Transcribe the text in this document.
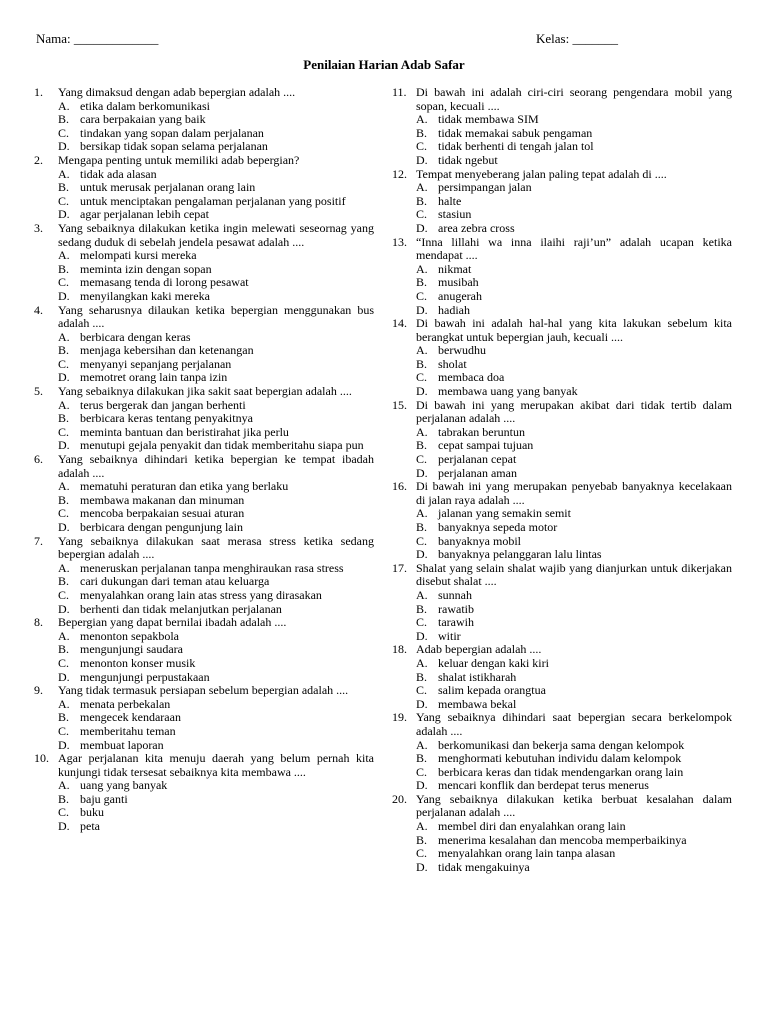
Nama: _____________	Kelas: _______
Penilaian Harian Adab Safar
1.	Yang dimaksud dengan adab bepergian adalah ....
A. etika dalam berkomunikasi
B. cara berpakaian yang baik
C. tindakan yang sopan dalam perjalanan
D. bersikap tidak sopan selama perjalanan
2.	Mengapa penting untuk memiliki adab bepergian?
A. tidak ada alasan
B. untuk merusak perjalanan orang lain
C. untuk menciptakan pengalaman perjalanan yang positif
D. agar perjalanan lebih cepat
3.	Yang sebaiknya dilakukan ketika ingin melewati seseornag yang sedang duduk di sebelah jendela pesawat adalah ....
A. melompati kursi mereka
B. meminta izin dengan sopan
C. memasang tenda di lorong pesawat
D. menyilangkan kaki mereka
4.	Yang seharusnya dilaukan ketika bepergian menggunakan bus adalah ....
A. berbicara dengan keras
B. menjaga kebersihan dan ketenangan
C. menyanyi sepanjang perjalanan
D. memotret orang lain tanpa izin
5.	Yang sebaiknya dilakukan jika sakit saat bepergian adalah ....
A. terus bergerak dan jangan berhenti
B. berbicara keras tentang penyakitnya
C. meminta bantuan dan beristirahat jika perlu
D. menutupi gejala penyakit dan tidak memberitahu siapa pun
6.	Yang sebaiknya dihindari ketika bepergian ke tempat ibadah adalah ....
A. mematuhi peraturan dan etika yang berlaku
B. membawa makanan dan minuman
C. mencoba berpakaian sesuai aturan
D. berbicara dengan pengunjung lain
7.	Yang sebaiknya dilakukan saat merasa stress ketika sedang bepergian adalah ....
A. meneruskan perjalanan tanpa menghiraukan rasa stress
B. cari dukungan dari teman atau keluarga
C. menyalahkan orang lain atas stress yang dirasakan
D. berhenti dan tidak melanjutkan perjalanan
8.	Bepergian yang dapat bernilai ibadah adalah ....
A. menonton sepakbola
B. mengunjungi saudara
C. menonton konser musik
D. mengunjungi perpustakaan
9.	Yang tidak termasuk persiapan sebelum bepergian adalah ....
A. menata perbekalan
B. mengecek kendaraan
C. memberitahu teman
D. membuat laporan
10. Agar perjalanan kita menuju daerah yang belum pernah kita kunjungi tidak tersesat sebaiknya kita membawa ....
A. uang yang banyak
B. baju ganti
C. buku
D. peta
11. Di bawah ini adalah ciri-ciri seorang pengendara mobil yang sopan, kecuali ....
A. tidak membawa SIM
B. tidak memakai sabuk pengaman
C. tidak berhenti di tengah jalan tol
D. tidak ngebut
12. Tempat menyeberang jalan paling tepat adalah di ....
A. persimpangan jalan
B. halte
C. stasiun
D. area zebra cross
13. “Inna lillahi wa inna ilaihi raji’un” adalah ucapan ketika mendapat ....
A. nikmat
B. musibah
C. anugerah
D. hadiah
14. Di bawah ini adalah hal-hal yang kita lakukan sebelum kita berangkat untuk bepergian jauh, kecuali ....
A. berwudhu
B. sholat
C. membaca doa
D. membawa uang yang banyak
15. Di bawah ini yang merupakan akibat dari tidak tertib dalam perjalanan adalah ....
A. tabrakan beruntun
B. cepat sampai tujuan
C. perjalanan cepat
D. perjalanan aman
16. Di bawah ini yang merupakan penyebab banyaknya kecelakaan di jalan raya adalah ....
A. jalanan yang semakin semit
B. banyaknya sepeda motor
C. banyaknya mobil
D. banyaknya pelanggaran lalu lintas
17. Shalat yang selain shalat wajib yang dianjurkan untuk dikerjakan disebut shalat ....
A. sunnah
B. rawatib
C. tarawih
D. witir
18. Adab bepergian adalah ....
A. keluar dengan kaki kiri
B. shalat istikharah
C. salim kepada orangtua
D. membawa bekal
19. Yang sebaiknya dihindari saat bepergian secara berkelompok adalah ....
A. berkomunikasi dan bekerja sama dengan kelompok
B. menghormati kebutuhan individu dalam kelompok
C. berbicara keras dan tidak mendengarkan orang lain
D. mencari konflik dan berdepat terus menerus
20. Yang sebaiknya dilakukan ketika berbuat kesalahan dalam perjalanan adalah ....
A. membel diri dan enyalahkan orang lain
B. menerima kesalahan dan mencoba memperbaikinya
C. menyalahkan orang lain tanpa alasan
D. tidak mengakuinya
